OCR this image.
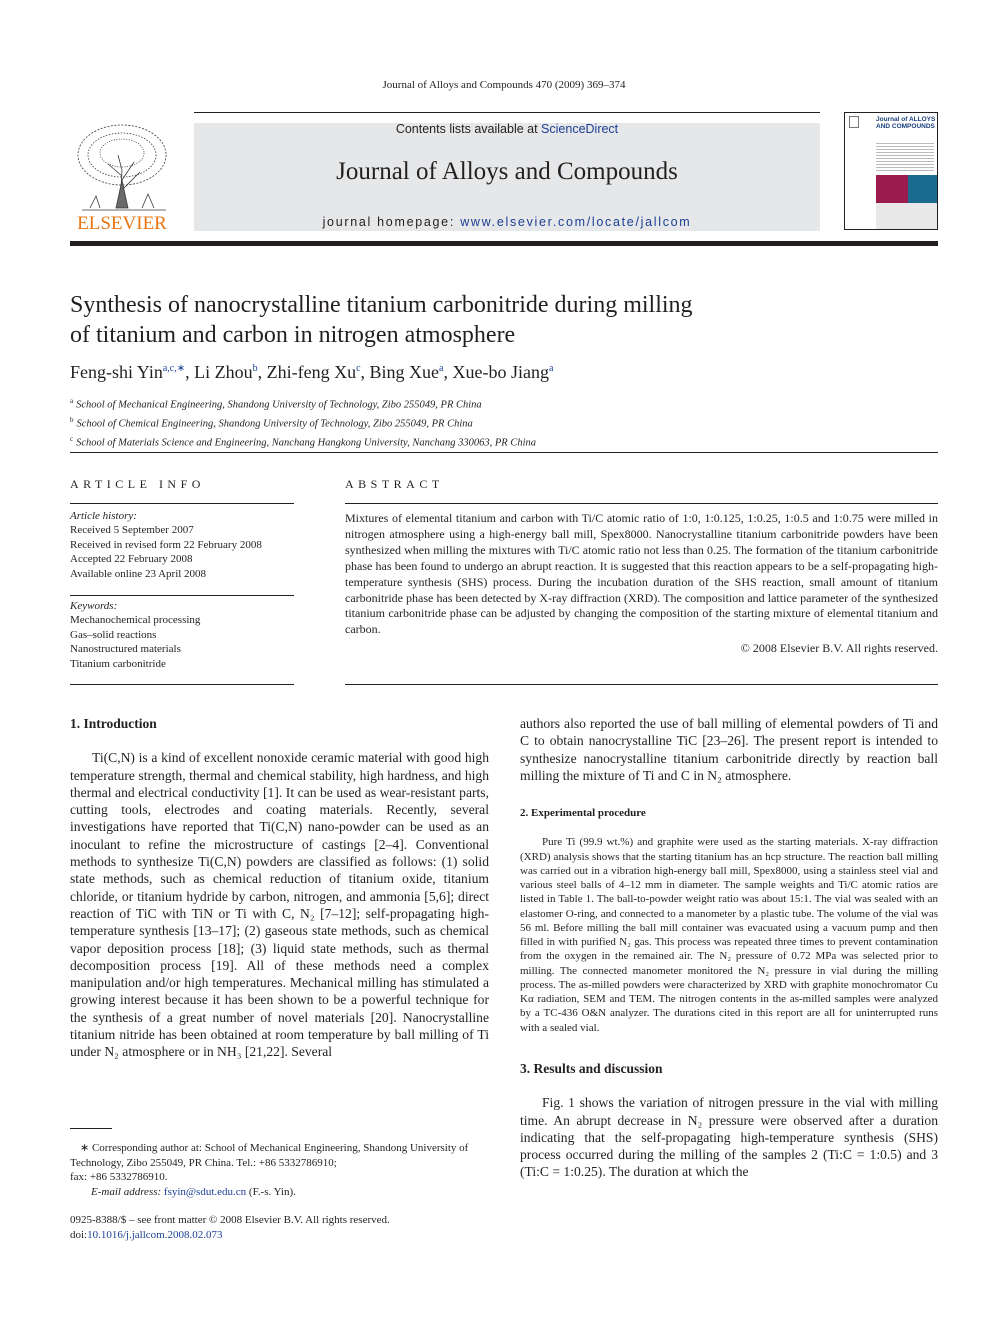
Journal of Alloys and Compounds 470 (2009) 369–374
ELSEVIER
Contents lists available at ScienceDirect
Journal of Alloys and Compounds
journal homepage: www.elsevier.com/locate/jallcom
Journal of ALLOYS AND COMPOUNDS
Synthesis of nanocrystalline titanium carbonitride during milling
of titanium and carbon in nitrogen atmosphere
Feng-shi Yin$^{a,c,∗}$, Li Zhou$^b$, Zhi-feng Xu$^c$, Bing Xue$^a$, Xue-bo Jiang$^a$
$^a$ School of Mechanical Engineering, Shandong University of Technology, Zibo 255049, PR China
$^b$ School of Chemical Engineering, Shandong University of Technology, Zibo 255049, PR China
$^c$ School of Materials Science and Engineering, Nanchang Hangkong University, Nanchang 330063, PR China
ARTICLE INFO
Article history:
Received 5 September 2007
Received in revised form 22 February 2008
Accepted 22 February 2008
Available online 23 April 2008
Keywords:
Mechanochemical processing
Gas–solid reactions
Nanostructured materials
Titanium carbonitride
ABSTRACT

Mixtures of elemental titanium and carbon with Ti/C atomic ratio of 1:0, 1:0.125, 1:0.25, 1:0.5 and 1:0.75 were milled in nitrogen atmosphere using a high-energy ball mill, Spex8000. Nanocrystalline titanium carbonitride powders have been synthesized when milling the mixtures with Ti/C atomic ratio not less than 0.25. The formation of the titanium carbonitride phase has been found to undergo an abrupt reaction. It is suggested that this reaction appears to be a self-propagating high-temperature synthesis (SHS) process. During the incubation duration of the SHS reaction, small amount of titanium carbonitride phase has been detected by X-ray diffraction (XRD). The composition and lattice parameter of the synthesized titanium carbonitride phase can be adjusted by changing the composition of the starting mixture of elemental titanium and carbon.

© 2008 Elsevier B.V. All rights reserved.

1. Introduction

Ti(C,N) is a kind of excellent nonoxide ceramic material with good high temperature strength, thermal and chemical stability, high hardness, and high thermal and electrical conductivity [1]. It can be used as wear-resistant parts, cutting tools, electrodes and coating materials. Recently, several investigations have reported that Ti(C,N) nano-powder can be used as an inoculant to refine the microstructure of castings [2–4]. Conventional methods to synthesize Ti(C,N) powders are classified as follows: (1) solid state methods, such as chemical reduction of titanium oxide, titanium chloride, or titanium hydride by carbon, nitrogen, and ammonia [5,6]; direct reaction of TiC with TiN or Ti with C, N₂ [7–12]; self-propagating high-temperature synthesis [13–17]; (2) gaseous state methods, such as chemical vapor deposition process [18]; (3) liquid state methods, such as thermal decomposition process [19]. All of these methods need a complex manipulation and/or high temperatures. Mechanical milling has stimulated a growing interest because it has been shown to be a powerful technique for the synthesis of a great number of novel materials [20]. Nanocrystalline titanium nitride has been obtained at room temperature by ball milling of Ti under N₂ atmosphere or in NH₃ [21,22]. Several

authors also reported the use of ball milling of elemental powders of Ti and C to obtain nanocrystalline TiC [23–26]. The present report is intended to synthesize nanocrystalline titanium carbonitride directly by reaction ball milling the mixture of Ti and C in N₂ atmosphere.

2. Experimental procedure

Pure Ti (99.9 wt.%) and graphite were used as the starting materials. X-ray diffraction (XRD) analysis shows that the starting titanium has an hcp structure. The reaction ball milling was carried out in a vibration high-energy ball mill, Spex8000, using a stainless steel vial and various steel balls of 4–12 mm in diameter. The sample weights and Ti/C atomic ratios are listed in Table 1. The ball-to-powder weight ratio was about 15:1. The vial was sealed with an elastomer O-ring, and connected to a manometer by a plastic tube. The volume of the vial was 56 ml. Before milling the ball mill container was evacuated using a vacuum pump and then filled in with purified N₂ gas. This process was repeated three times to prevent contamination from the oxygen in the remained air. The N₂ pressure of 0.72 MPa was selected prior to milling. The connected manometer monitored the N₂ pressure in vial during the milling process. The as-milled powders were characterized by XRD with graphite monochromator Cu Kα radiation, SEM and TEM. The nitrogen contents in the as-milled samples were analyzed by a TC-436 O&N analyzer. The durations cited in this report are all for uninterrupted runs with a sealed vial.

3. Results and discussion

Fig. 1 shows the variation of nitrogen pressure in the vial with milling time. An abrupt decrease in N₂ pressure were observed after a duration indicating that the self-propagating high-temperature synthesis (SHS) process occurred during the milling of the samples 2 (Ti:C = 1:0.5) and 3 (Ti:C = 1:0.25). The duration at which the

∗ Corresponding author at: School of Mechanical Engineering, Shandong University of Technology, Zibo 255049, PR China. Tel.: +86 5332786910;
fax: +86 5332786910.
E-mail address: fsyin@sdut.edu.cn (F.-s. Yin).
0925-8388/$ – see front matter © 2008 Elsevier B.V. All rights reserved.
doi:10.1016/j.jallcom.2008.02.073
